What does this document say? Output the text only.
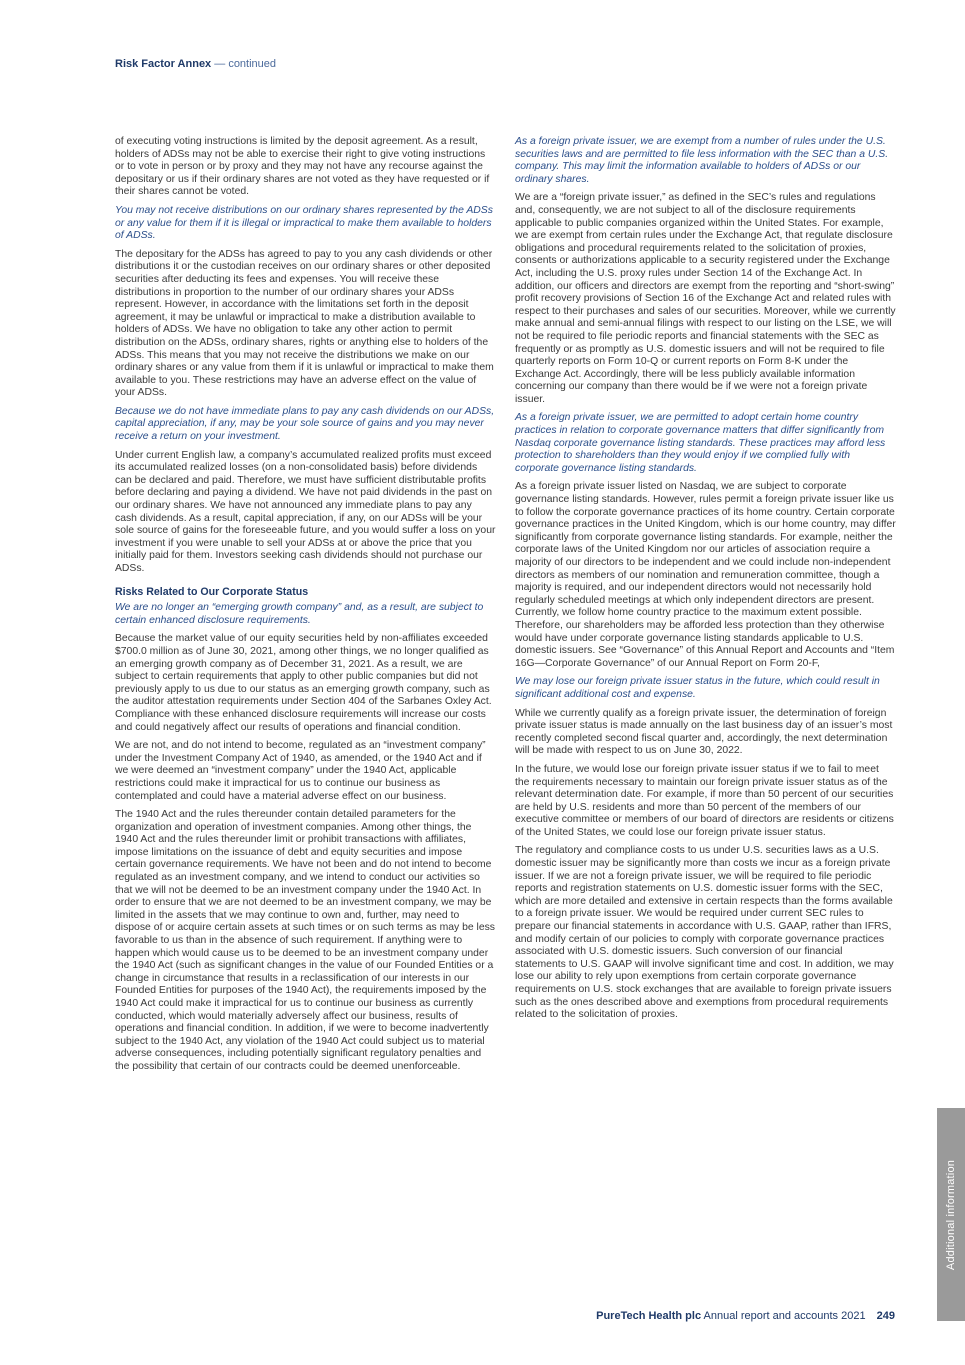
Risk Factor Annex — continued

of executing voting instructions is limited by the deposit agreement. As a result, holders of ADSs may not be able to exercise their right to give voting instructions or to vote in person or by proxy and they may not have any recourse against the depositary or us if their ordinary shares are not voted as they have requested or if their shares cannot be voted.

You may not receive distributions on our ordinary shares represented by the ADSs or any value for them if it is illegal or impractical to make them available to holders of ADSs.

The depositary for the ADSs has agreed to pay to you any cash dividends or other distributions it or the custodian receives on our ordinary shares or other deposited securities after deducting its fees and expenses. You will receive these distributions in proportion to the number of our ordinary shares your ADSs represent. However, in accordance with the limitations set forth in the deposit agreement, it may be unlawful or impractical to make a distribution available to holders of ADSs. We have no obligation to take any other action to permit distribution on the ADSs, ordinary shares, rights or anything else to holders of the ADSs. This means that you may not receive the distributions we make on our ordinary shares or any value from them if it is unlawful or impractical to make them available to you. These restrictions may have an adverse effect on the value of your ADSs.

Because we do not have immediate plans to pay any cash dividends on our ADSs, capital appreciation, if any, may be your sole source of gains and you may never receive a return on your investment.

Under current English law, a company’s accumulated realized profits must exceed its accumulated realized losses (on a non-consolidated basis) before dividends can be declared and paid. Therefore, we must have sufficient distributable profits before declaring and paying a dividend. We have not paid dividends in the past on our ordinary shares. We have not announced any immediate plans to pay any cash dividends. As a result, capital appreciation, if any, on our ADSs will be your sole source of gains for the foreseeable future, and you would suffer a loss on your investment if you were unable to sell your ADSs at or above the price that you initially paid for them. Investors seeking cash dividends should not purchase our ADSs.

Risks Related to Our Corporate Status

We are no longer an “emerging growth company” and, as a result, are subject to certain enhanced disclosure requirements.

Because the market value of our equity securities held by non-affiliates exceeded $700.0 million as of June 30, 2021, among other things, we no longer qualified as an emerging growth company as of December 31, 2021. As a result, we are subject to certain requirements that apply to other public companies but did not previously apply to us due to our status as an emerging growth company, such as the auditor attestation requirements under Section 404 of the Sarbanes Oxley Act. Compliance with these enhanced disclosure requirements will increase our costs and could negatively affect our results of operations and financial condition.

We are not, and do not intend to become, regulated as an “investment company” under the Investment Company Act of 1940, as amended, or the 1940 Act and if we were deemed an “investment company” under the 1940 Act, applicable restrictions could make it impractical for us to continue our business as contemplated and could have a material adverse effect on our business.

The 1940 Act and the rules thereunder contain detailed parameters for the organization and operation of investment companies. Among other things, the 1940 Act and the rules thereunder limit or prohibit transactions with affiliates, impose limitations on the issuance of debt and equity securities and impose certain governance requirements. We have not been and do not intend to become regulated as an investment company, and we intend to conduct our activities so that we will not be deemed to be an investment company under the 1940 Act. In order to ensure that we are not deemed to be an investment company, we may be limited in the assets that we may continue to own and, further, may need to dispose of or acquire certain assets at such times or on such terms as may be less favorable to us than in the absence of such requirement. If anything were to happen which would cause us to be deemed to be an investment company under the 1940 Act (such as significant changes in the value of our Founded Entities or a change in circumstance that results in a reclassification of our interests in our Founded Entities for purposes of the 1940 Act), the requirements imposed by the 1940 Act could make it impractical for us to continue our business as currently conducted, which would materially adversely affect our business, results of operations and financial condition. In addition, if we were to become inadvertently subject to the 1940 Act, any violation of the 1940 Act could subject us to material adverse consequences, including potentially significant regulatory penalties and the possibility that certain of our contracts could be deemed unenforceable.

As a foreign private issuer, we are exempt from a number of rules under the U.S. securities laws and are permitted to file less information with the SEC than a U.S. company. This may limit the information available to holders of ADSs or our ordinary shares.

We are a “foreign private issuer,” as defined in the SEC’s rules and regulations and, consequently, we are not subject to all of the disclosure requirements applicable to public companies organized within the United States. For example, we are exempt from certain rules under the Exchange Act, that regulate disclosure obligations and procedural requirements related to the solicitation of proxies, consents or authorizations applicable to a security registered under the Exchange Act, including the U.S. proxy rules under Section 14 of the Exchange Act. In addition, our officers and directors are exempt from the reporting and “short-swing” profit recovery provisions of Section 16 of the Exchange Act and related rules with respect to their purchases and sales of our securities. Moreover, while we currently make annual and semi-annual filings with respect to our listing on the LSE, we will not be required to file periodic reports and financial statements with the SEC as frequently or as promptly as U.S. domestic issuers and will not be required to file quarterly reports on Form 10-Q or current reports on Form 8-K under the Exchange Act. Accordingly, there will be less publicly available information concerning our company than there would be if we were not a foreign private issuer.

As a foreign private issuer, we are permitted to adopt certain home country practices in relation to corporate governance matters that differ significantly from Nasdaq corporate governance listing standards. These practices may afford less protection to shareholders than they would enjoy if we complied fully with corporate governance listing standards.

As a foreign private issuer listed on Nasdaq, we are subject to corporate governance listing standards. However, rules permit a foreign private issuer like us to follow the corporate governance practices of its home country. Certain corporate governance practices in the United Kingdom, which is our home country, may differ significantly from corporate governance listing standards. For example, neither the corporate laws of the United Kingdom nor our articles of association require a majority of our directors to be independent and we could include non-independent directors as members of our nomination and remuneration committee, though a majority is required, and our independent directors would not necessarily hold regularly scheduled meetings at which only independent directors are present. Currently, we follow home country practice to the maximum extent possible. Therefore, our shareholders may be afforded less protection than they otherwise would have under corporate governance listing standards applicable to U.S. domestic issuers. See “Governance” of this Annual Report and Accounts and “Item 16G—Corporate Governance” of our Annual Report on Form 20-F,

We may lose our foreign private issuer status in the future, which could result in significant additional cost and expense.

While we currently qualify as a foreign private issuer, the determination of foreign private issuer status is made annually on the last business day of an issuer’s most recently completed second fiscal quarter and, accordingly, the next determination will be made with respect to us on June 30, 2022.

In the future, we would lose our foreign private issuer status if we to fail to meet the requirements necessary to maintain our foreign private issuer status as of the relevant determination date. For example, if more than 50 percent of our securities are held by U.S. residents and more than 50 percent of the members of our executive committee or members of our board of directors are residents or citizens of the United States, we could lose our foreign private issuer status.

The regulatory and compliance costs to us under U.S. securities laws as a U.S. domestic issuer may be significantly more than costs we incur as a foreign private issuer. If we are not a foreign private issuer, we will be required to file periodic reports and registration statements on U.S. domestic issuer forms with the SEC, which are more detailed and extensive in certain respects than the forms available to a foreign private issuer. We would be required under current SEC rules to prepare our financial statements in accordance with U.S. GAAP, rather than IFRS, and modify certain of our policies to comply with corporate governance practices associated with U.S. domestic issuers. Such conversion of our financial statements to U.S. GAAP will involve significant time and cost. In addition, we may lose our ability to rely upon exemptions from certain corporate governance requirements on U.S. stock exchanges that are available to foreign private issuers such as the ones described above and exemptions from procedural requirements related to the solicitation of proxies.

Additional information
PureTech Health plc Annual report and accounts 2021 249
